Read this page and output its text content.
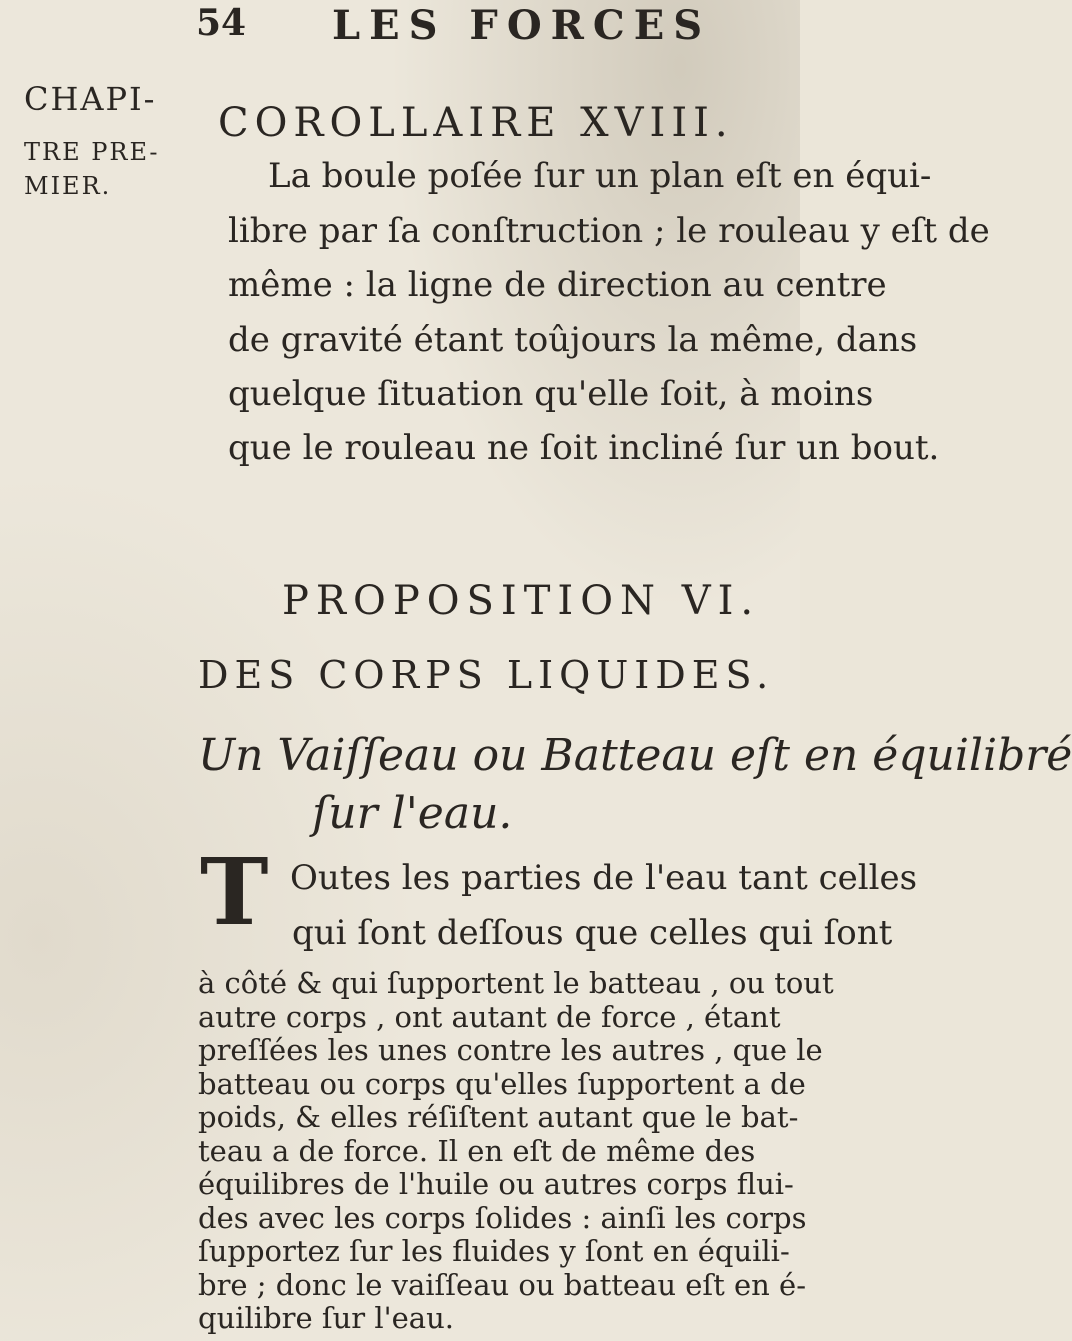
54 LES FORCES
CHAPI-
TRE PRE-
MIER.
COROLLAIRE XVIII.
La boule poſée ſur un plan eſt en équi-
libre par ſa conſtruction ; le rouleau y eſt de
même : la ligne de direction au centre
de gravité étant toûjours la même, dans
quelque ſituation qu'elle ſoit, à moins
que le rouleau ne ſoit incliné ſur un bout.
PROPOSITION VI.
DES CORPS LIQUIDES.
Un Vaiſſeau ou Batteau eſt en équilibré
ſur l'eau.
T Outes les parties de l'eau tant celles
qui ſont deſſous que celles qui ſont
à côté & qui ſupportent le batteau , ou tout
autre corps , ont autant de force , étant
preſſées les unes contre les autres , que le
batteau ou corps qu'elles ſupportent a de
poids, & elles réſiſtent autant que le bat-
teau a de force. Il en eſt de même des
équilibres de l'huile ou autres corps flui-
des avec les corps ſolides : ainſi les corps
ſupportez ſur les fluides y ſont en équili-
bre ; donc le vaiſſeau ou batteau eſt en é-
quilibre ſur l'eau.
